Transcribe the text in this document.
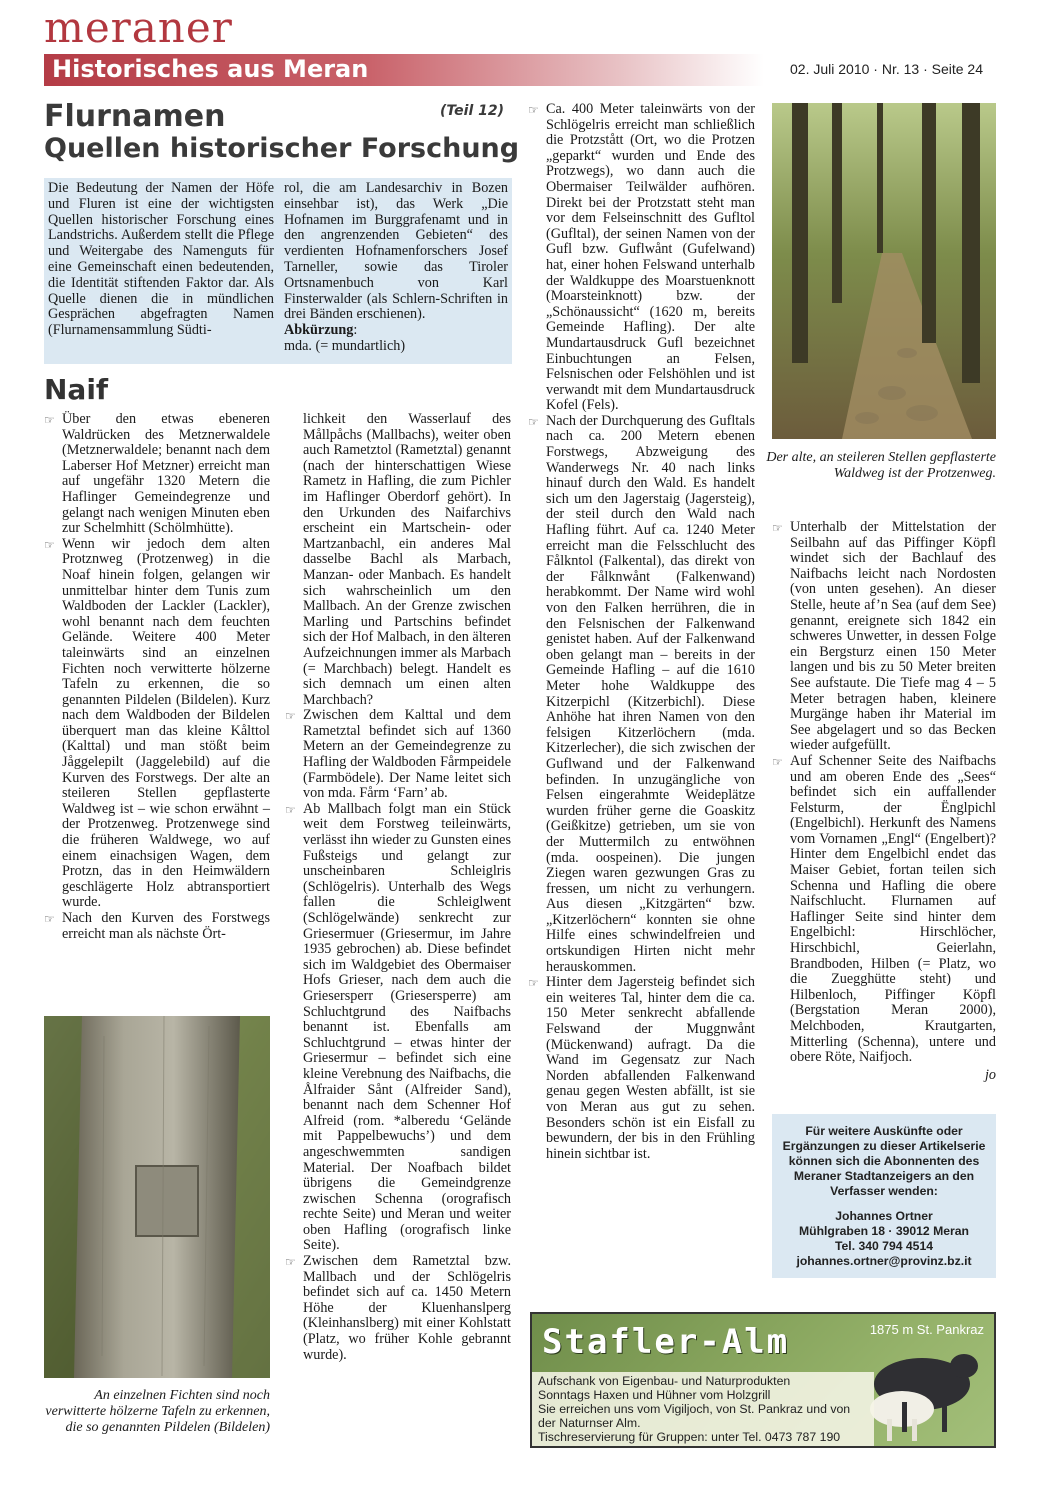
meraner
Historisches aus Meran	02. Juli 2010 · Nr. 13 · Seite 24
Flurnamen	(Teil 12)
Quellen historischer Forschung
Die Bedeutung der Namen der Höfe und Fluren ist eine der wichtigsten Quellen historischer Forschung eines Landstrichs. Außerdem stellt die Pflege und Weitergabe des Namenguts für eine Gemeinschaft einen bedeutenden, die Identität stiftenden Faktor dar. Als Quelle dienen die in mündlichen Gesprächen abgefragten Namen (Flurnamensammlung Südti-
rol, die am Landesarchiv in Bozen einsehbar ist), das Werk „Die Hofnamen im Burggrafenamt und in den angrenzenden Gebieten“ des verdienten Hofnamenforschers Josef Tarneller, sowie das Tiroler Ortsnamenbuch von Karl Finsterwalder (als Schlern-Schriften in drei Bänden erschienen).
Abkürzung:
mda. (= mundartlich)
Naif

☞ Über den etwas ebeneren Waldrücken des Metznerwaldele (Metznerwaldele; benannt nach dem Laberser Hof Metzner) erreicht man auf ungefähr 1320 Metern die Haflinger Gemeindegrenze und gelangt nach wenigen Minuten eben zur Schelmhitt (Schölmhütte).

☞ Wenn wir jedoch dem alten Protznweg (Protzenweg) in die Noaf hinein folgen, gelangen wir unmittelbar hinter dem Tunis zum Waldboden der Lackler (Lackler), wohl benannt nach dem feuchten Gelände. Weitere 400 Meter taleinwärts sind an einzelnen Fichten noch verwitterte hölzerne Tafeln zu erkennen, die so genannten Pildelen (Bildelen). Kurz nach dem Waldboden der Bildelen überquert man das kleine Kålttol (Kalttal) und man stößt beim Jåggelepilt (Jaggelebild) auf die Kurven des Forstwegs. Der alte an steileren Stellen gepflasterte Waldweg ist – wie schon erwähnt – der Protzenweg. Protzenwege sind die früheren Waldwege, wo auf einem einachsigen Wagen, dem Protzn, das in den Heimwäldern geschlägerte Holz abtransportiert wurde.

☞ Nach den Kurven des Forstwegs erreicht man als nächste Ört-

An einzelnen Fichten sind noch verwitterte hölzerne Tafeln zu erkennen, die so genannten Pildelen (Bildelen)

lichkeit den Wasserlauf des Mållpåchs (Mallbachs), weiter oben auch Rametztol (Rametztal) genannt (nach der hinterschattigen Wiese Rametz in Hafling, die zum Pichler im Haflinger Oberdorf gehört). In den Urkunden des Naifarchivs erscheint ein Martschein- oder Martzanbachl, ein anderes Mal dasselbe Bachl als Marbach, Manzan- oder Manbach. Es handelt sich wahrscheinlich um den Mallbach. An der Grenze zwischen Marling und Partschins befindet sich der Hof Malbach, in den älteren Aufzeichnungen immer als Marbach (= Marchbach) belegt. Handelt es sich demnach um einen alten Marchbach?

☞ Zwischen dem Kalttal und dem Rametztal befindet sich auf 1360 Metern an der Gemeindegrenze zu Hafling der Waldboden Fårmpeidele (Farmbödele). Der Name leitet sich von mda. Fårm ‘Farn’ ab.

☞ Ab Mallbach folgt man ein Stück weit dem Forstweg teileinwärts, verlässt ihn wieder zu Gunsten eines Fußsteigs und gelangt zur unscheinbaren Schleiglris (Schlögelris). Unterhalb des Wegs fallen die Schleiglwent (Schlögelwände) senkrecht zur Griesermuer (Griesermur, im Jahre 1935 gebrochen) ab. Diese befindet sich im Waldgebiet des Obermaiser Hofs Grieser, nach dem auch die Griesersperr (Griesersperre) am Schluchtgrund des Naifbachs benannt ist. Ebenfalls am Schluchtgrund – etwas hinter der Griesermur – befindet sich eine kleine Verebnung des Naifbachs, die Ålfraider Sånt (Alfreider Sand), benannt nach dem Schenner Hof Alfreid (rom. *alberedu ‘Gelände mit Pappelbewuchs’) und dem angeschwemmten sandigen Material. Der Noafbach bildet übrigens die Gemeindgrenze zwischen Schenna (orografisch rechte Seite) und Meran und weiter oben Hafling (orografisch linke Seite).

☞ Zwischen dem Rametztal bzw. Mallbach und der Schlögelris befindet sich auf ca. 1450 Metern Höhe der Kluenhanslperg (Kleinhanslberg) mit einer Kohlstatt (Platz, wo früher Kohle gebrannt wurde).

☞ Ca. 400 Meter taleinwärts von der Schlögelris erreicht man schließlich die Protzstått (Ort, wo die Protzen „geparkt“ wurden und Ende des Protzwegs), wo dann auch die Obermaiser Teilwälder aufhören. Direkt bei der Protzstatt steht man vor dem Felseinschnitt des Gufltol (Gufltal), der seinen Namen von der Gufl bzw. Guflwånt (Gufelwand) hat, einer hohen Felswand unterhalb der Waldkuppe des Moarstuenknott (Moarsteinknott) bzw. der „Schönaussicht“ (1620 m, bereits Gemeinde Hafling). Der alte Mundartausdruck Gufl bezeichnet Einbuchtungen an Felsen, Felsnischen oder Felshöhlen und ist verwandt mit dem Mundartausdruck Kofel (Fels).

☞ Nach der Durchquerung des Gufltals nach ca. 200 Metern ebenen Forstwegs, Abzweigung des Wanderwegs Nr. 40 nach links hinauf durch den Wald. Es handelt sich um den Jagerstaig (Jagersteig), der steil durch den Wald nach Hafling führt. Auf ca. 1240 Meter erreicht man die Felsschlucht des Fålkntol (Falkental), das direkt von der Fålknwånt (Falkenwand) herabkommt. Der Name wird wohl von den Falken herrühren, die in den Felsnischen der Falkenwand genistet haben. Auf der Falkenwand oben gelangt man – bereits in der Gemeinde Hafling – auf die 1610 Meter hohe Waldkuppe des Kitzerpichl (Kitzerbichl). Diese Anhöhe hat ihren Namen von den felsigen Kitzerlöchern (mda. Kitzerlecher), die sich zwischen der Guflwand und der Falkenwand befinden. In unzugängliche von Felsen eingerahmte Weideplätze wurden früher gerne die Goaskitz (Geißkitze) getrieben, um sie von der Muttermilch zu entwöhnen (mda. oospeinen). Die jungen Ziegen waren gezwungen Gras zu fressen, um nicht zu verhungern. Aus diesen „Kitzgärten“ bzw. „Kitzerlöchern“ konnten sie ohne Hilfe eines schwindelfreien und ortskundigen Hirten nicht mehr herauskommen.

☞ Hinter dem Jagersteig befindet sich ein weiteres Tal, hinter dem die ca. 150 Meter senkrecht abfallende Felswand der Muggnwånt (Mückenwand) aufragt. Da die Wand im Gegensatz zur Nach Norden abfallenden Falkenwand genau gegen Westen abfällt, ist sie von Meran aus gut zu sehen. Besonders schön ist ein Eisfall zu bewundern, der bis in den Frühling hinein sichtbar ist.

Der alte, an steileren Stellen gepflasterte Waldweg ist der Protzenweg.

☞ Unterhalb der Mittelstation der Seilbahn auf das Piffinger Köpfl windet sich der Bachlauf des Naifbachs leicht nach Nordosten (von unten gesehen). An dieser Stelle, heute af’n Sea (auf dem See) genannt, ereignete sich 1842 ein schweres Unwetter, in dessen Folge ein Bergsturz einen 150 Meter langen und bis zu 50 Meter breiten See aufstaute. Die Tiefe mag 4 – 5 Meter betragen haben, kleinere Murgänge haben ihr Material im See abgelagert und so das Becken wieder aufgefüllt.

☞ Auf Schenner Seite des Naifbachs und am oberen Ende des „Sees“ befindet sich ein auffallender Felsturm, der Ënglpichl (Engelbichl). Herkunft des Namens vom Vornamen „Engl“ (Engelbert)? Hinter dem Engelbichl endet das Maiser Gebiet, fortan teilen sich Schenna und Hafling die obere Naifschlucht. Flurnamen auf Haflinger Seite sind hinter dem Engelbichl: Hirschlöcher, Hirschbichl, Geierlahn, Brandboden, Hilben (= Platz, wo die Zuegghütte steht) und Hilbenloch, Piffinger Köpfl (Bergstation Meran 2000), Melchboden, Krautgarten, Mitterling (Schenna), untere und obere Röte, Naifjoch.

jo

Für weitere Auskünfte oder Ergänzungen zu dieser Artikelserie können sich die Abonnenten des Meraner Stadtanzeigers an den Verfasser wenden:
Johannes Ortner
Mühlgraben 18 · 39012 Meran
Tel. 340 794 4514
johannes.ortner@provinz.bz.it
Stafler-Alm	1875 m St. Pankraz
Aufschank von Eigenbau- und Naturprodukten
Sonntags Haxen und Hühner vom Holzgrill
Sie erreichen uns vom Vigiljoch, von St. Pankraz und von der Naturnser Alm.
Tischreservierung für Gruppen: unter Tel. 0473 787 190
